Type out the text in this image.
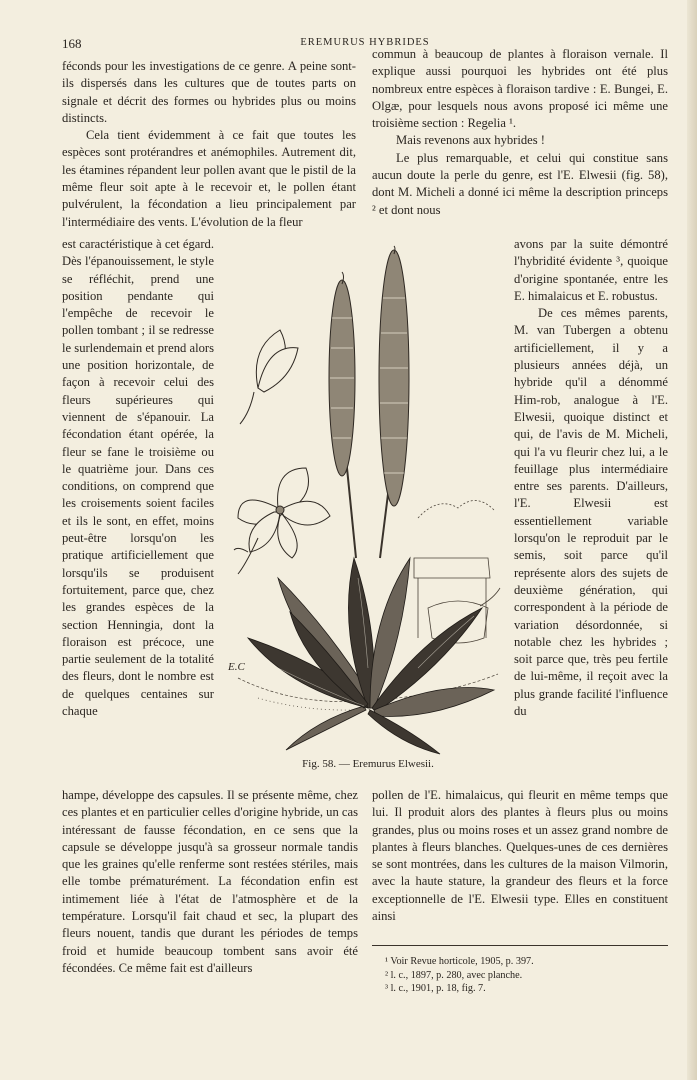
168	EREMURUS HYBRIDES

féconds pour les investigations de ce genre. A peine sont-ils dispersés dans les cultures que de toutes parts on signale et décrit des formes ou hybrides plus ou moins distincts.

Cela tient évidemment à ce fait que toutes les espèces sont protérandres et anémophiles. Autrement dit, les étamines répandent leur pollen avant que le pistil de la même fleur soit apte à le recevoir et, le pollen étant pulvérulent, la fécondation a lieu principalement par l'intermédiaire des vents. L'évolution de la fleur

est caractéristique à cet égard. Dès l'épanouissement, le style se réfléchit, prend une position pendante qui l'empêche de recevoir le pollen tombant ; il se redresse le surlendemain et prend alors une position horizontale, de façon à recevoir celui des fleurs supérieures qui viennent de s'épanouir. La fécondation étant opérée, la fleur se fane le troisième ou le quatrième jour. Dans ces conditions, on comprend que les croisements soient faciles et ils le sont, en effet, moins peut-être lorsqu'on les pratique artificiellement que lorsqu'ils se produisent fortuitement, parce que, chez les grandes espèces de la section Henningia, dont la floraison est précoce, une partie seulement de la totalité des fleurs, dont le nombre est de quelques centaines sur chaque

hampe, développe des capsules. Il se présente même, chez ces plantes et en particulier celles d'origine hybride, un cas intéressant de fausse fécondation, en ce sens que la capsule se développe jusqu'à sa grosseur normale tandis que les graines qu'elle renferme sont restées stériles, mais elle tombe prématurément. La fécondation enfin est intimement liée à l'état de l'atmosphère et de la température. Lorsqu'il fait chaud et sec, la plupart des fleurs nouent, tandis que durant les périodes de temps froid et humide beaucoup tombent sans avoir été fécondées. Ce même fait est d'ailleurs

commun à beaucoup de plantes à floraison vernale. Il explique aussi pourquoi les hybrides ont été plus nombreux entre espèces à floraison tardive : E. Bungei, E. Olgæ, pour lesquels nous avons proposé ici même une troisième section : Regelia ¹.

Mais revenons aux hybrides !

Le plus remarquable, et celui qui constitue sans aucun doute la perle du genre, est l'E. Elwesii (fig. 58), dont M. Micheli a donné ici même la description princeps ² et dont nous

avons par la suite démontré l'hybridité évidente ³, quoique d'origine spontanée, entre les E. himalaicus et E. robustus.

De ces mêmes parents, M. van Tubergen a obtenu artificiellement, il y a plusieurs années déjà, un hybride qu'il a dénommé Him-rob, analogue à l'E. Elwesii, quoique distinct et qui, de l'avis de M. Micheli, qui l'a vu fleurir chez lui, a le feuillage plus intermédiaire entre ses parents. D'ailleurs, l'E. Elwesii est essentiellement variable lorsqu'on le reproduit par le semis, soit parce qu'il représente alors des sujets de deuxième génération, qui correspondent à la période de variation désordonnée, si notable chez les hybrides ; soit parce que, très peu fertile de lui-même, il reçoit avec la plus grande facilité l'influence du

pollen de l'E. himalaicus, qui fleurit en même temps que lui. Il produit alors des plantes à fleurs plus ou moins grandes, plus ou moins roses et un assez grand nombre de plantes à fleurs blanches. Quelques-unes de ces dernières se sont montrées, dans les cultures de la maison Vilmorin, avec la haute stature, la grandeur des fleurs et la force exceptionnelle de l'E. Elwesii type. Elles en constituent ainsi

E.C
Fig. 58. — Eremurus Elwesii.
¹ Voir Revue horticole, 1905, p. 397.
² l. c., 1897, p. 280, avec planche.
³ l. c., 1901, p. 18, fig. 7.
